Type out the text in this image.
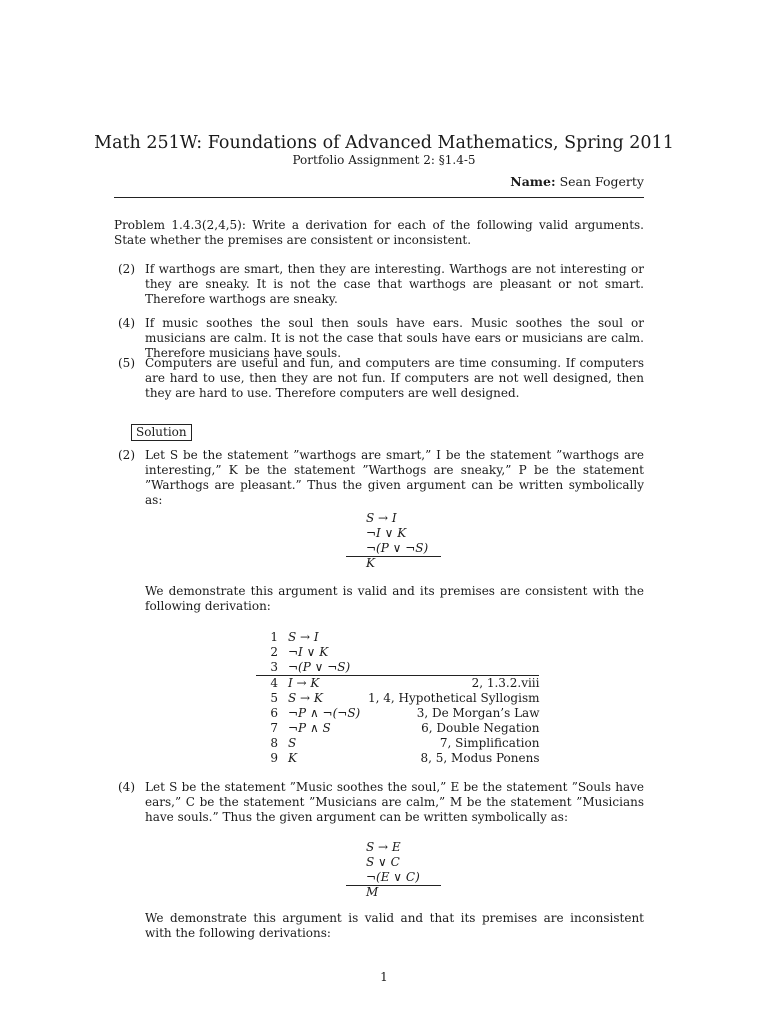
Math 251W: Foundations of Advanced Mathematics, Spring 2011
Portfolio Assignment 2: §1.4-5
Name: Sean Fogerty
Problem 1.4.3(2,4,5): Write a derivation for each of the following valid arguments. State whether the premises are consistent or inconsistent.
(2) If warthogs are smart, then they are interesting. Warthogs are not interesting or they are sneaky. It is not the case that warthogs are pleasant or not smart. Therefore warthogs are sneaky.
(4) If music soothes the soul then souls have ears. Music soothes the soul or musicians are calm. It is not the case that souls have ears or musicians are calm. Therefore musicians have souls.
(5) Computers are useful and fun, and computers are time consuming. If computers are hard to use, then they are not fun. If computers are not well designed, then they are hard to use. Therefore computers are well designed.
Solution
(2) Let S be the statement ”warthogs are smart,” I be the statement ”warthogs are interesting,” K be the statement ”Warthogs are sneaky,” P be the statement ”Warthogs are pleasant.” Thus the given argument can be written symbolically as:
S → I
¬I ∨ K
¬(P ∨ ¬S)
K
We demonstrate this argument is valid and its premises are consistent with the following derivation:
1	S → I	
2	¬I ∨ K	
3	¬(P ∨ ¬S)	
4	I → K	2, 1.3.2.viii
5	S → K	1, 4, Hypothetical Syllogism
6	¬P ∧ ¬(¬S)	3, De Morgan’s Law
7	¬P ∧ S	6, Double Negation
8	S	7, Simplification
9	K	8, 5, Modus Ponens
(4) Let S be the statement ”Music soothes the soul,” E be the statement ”Souls have ears,” C be the statement ”Musicians are calm,” M be the statement ”Musicians have souls.” Thus the given argument can be written symbolically as:
S → E
S ∨ C
¬(E ∨ C)
M
We demonstrate this argument is valid and that its premises are inconsistent with the following derivations:
1
